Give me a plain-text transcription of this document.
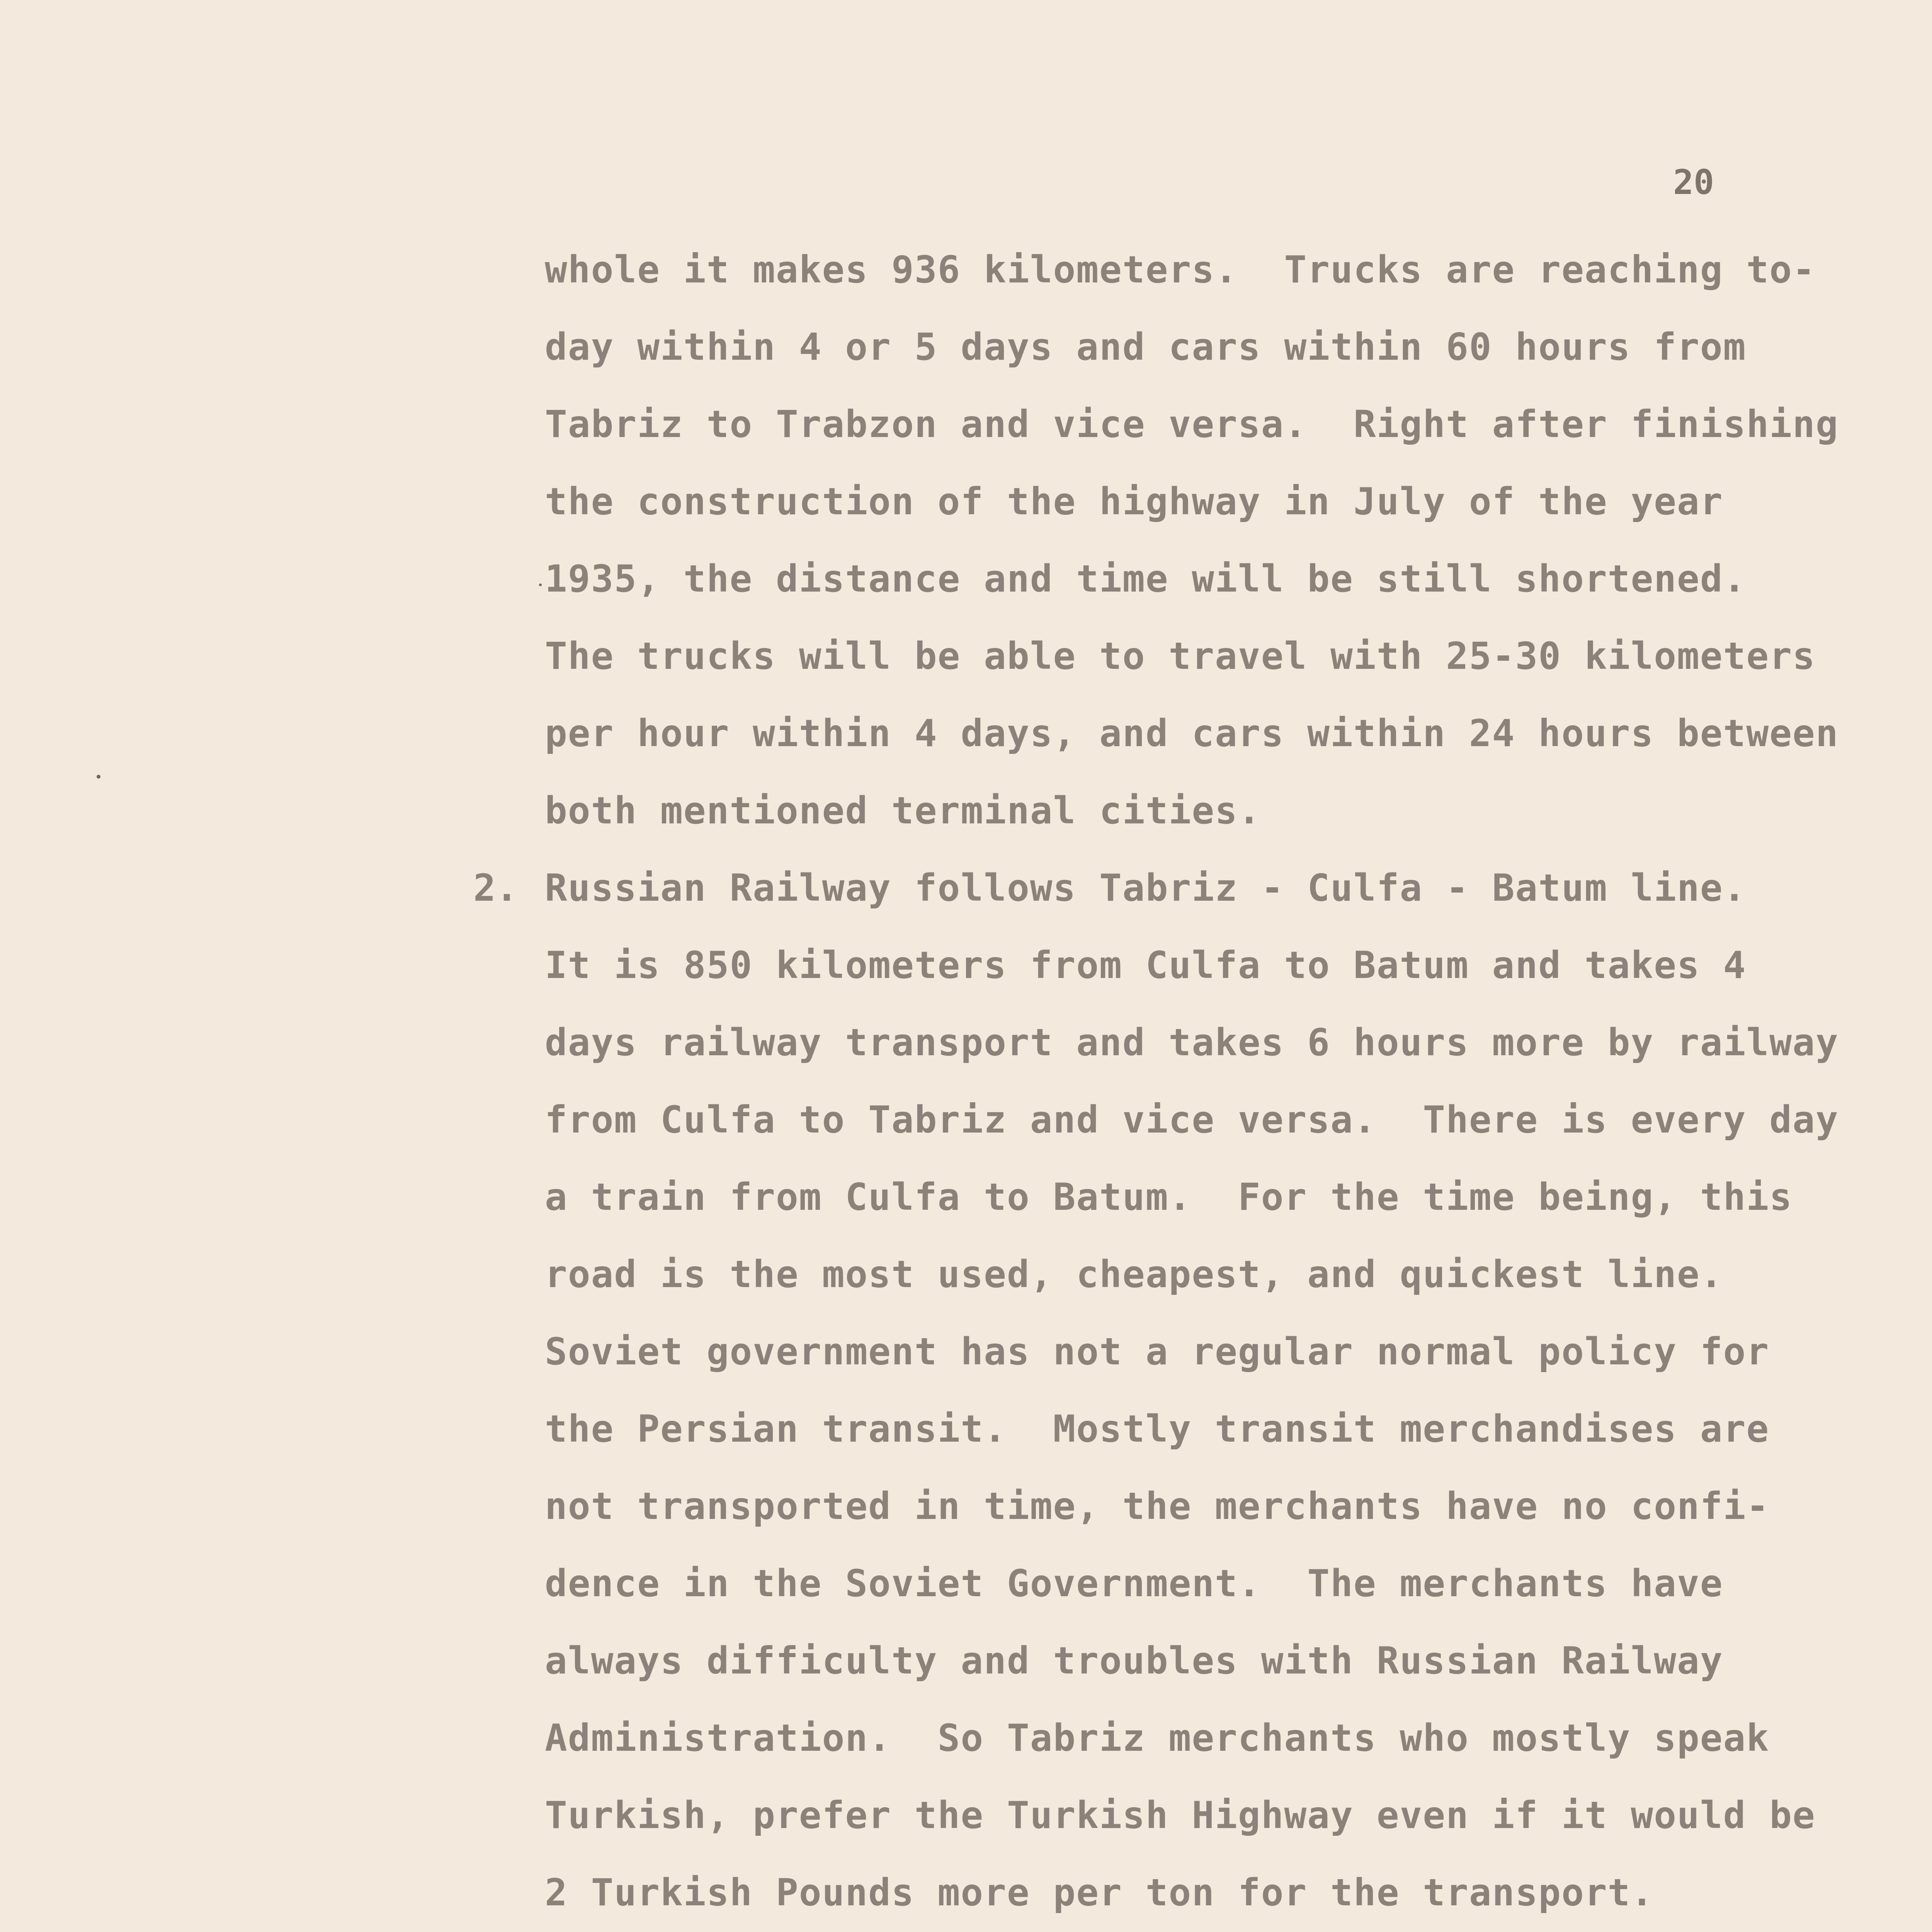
20
whole it makes 936 kilometers.  Trucks are reaching to-
day within 4 or 5 days and cars within 60 hours from
Tabriz to Trabzon and vice versa.  Right after finishing
the construction of the highway in July of the year
1935, the distance and time will be still shortened.
The trucks will be able to travel with 25-30 kilometers
per hour within 4 days, and cars within 24 hours between
both mentioned terminal cities.
2. Russian Railway follows Tabriz - Culfa - Batum line.
It is 850 kilometers from Culfa to Batum and takes 4
days railway transport and takes 6 hours more by railway
from Culfa to Tabriz and vice versa.  There is every day
a train from Culfa to Batum.  For the time being, this
road is the most used, cheapest, and quickest line.
Soviet government has not a regular normal policy for
the Persian transit.  Mostly transit merchandises are
not transported in time, the merchants have no confi-
dence in the Soviet Government.  The merchants have
always difficulty and troubles with Russian Railway
Administration.  So Tabriz merchants who mostly speak
Turkish, prefer the Turkish Highway even if it would be
2 Turkish Pounds more per ton for the transport.
